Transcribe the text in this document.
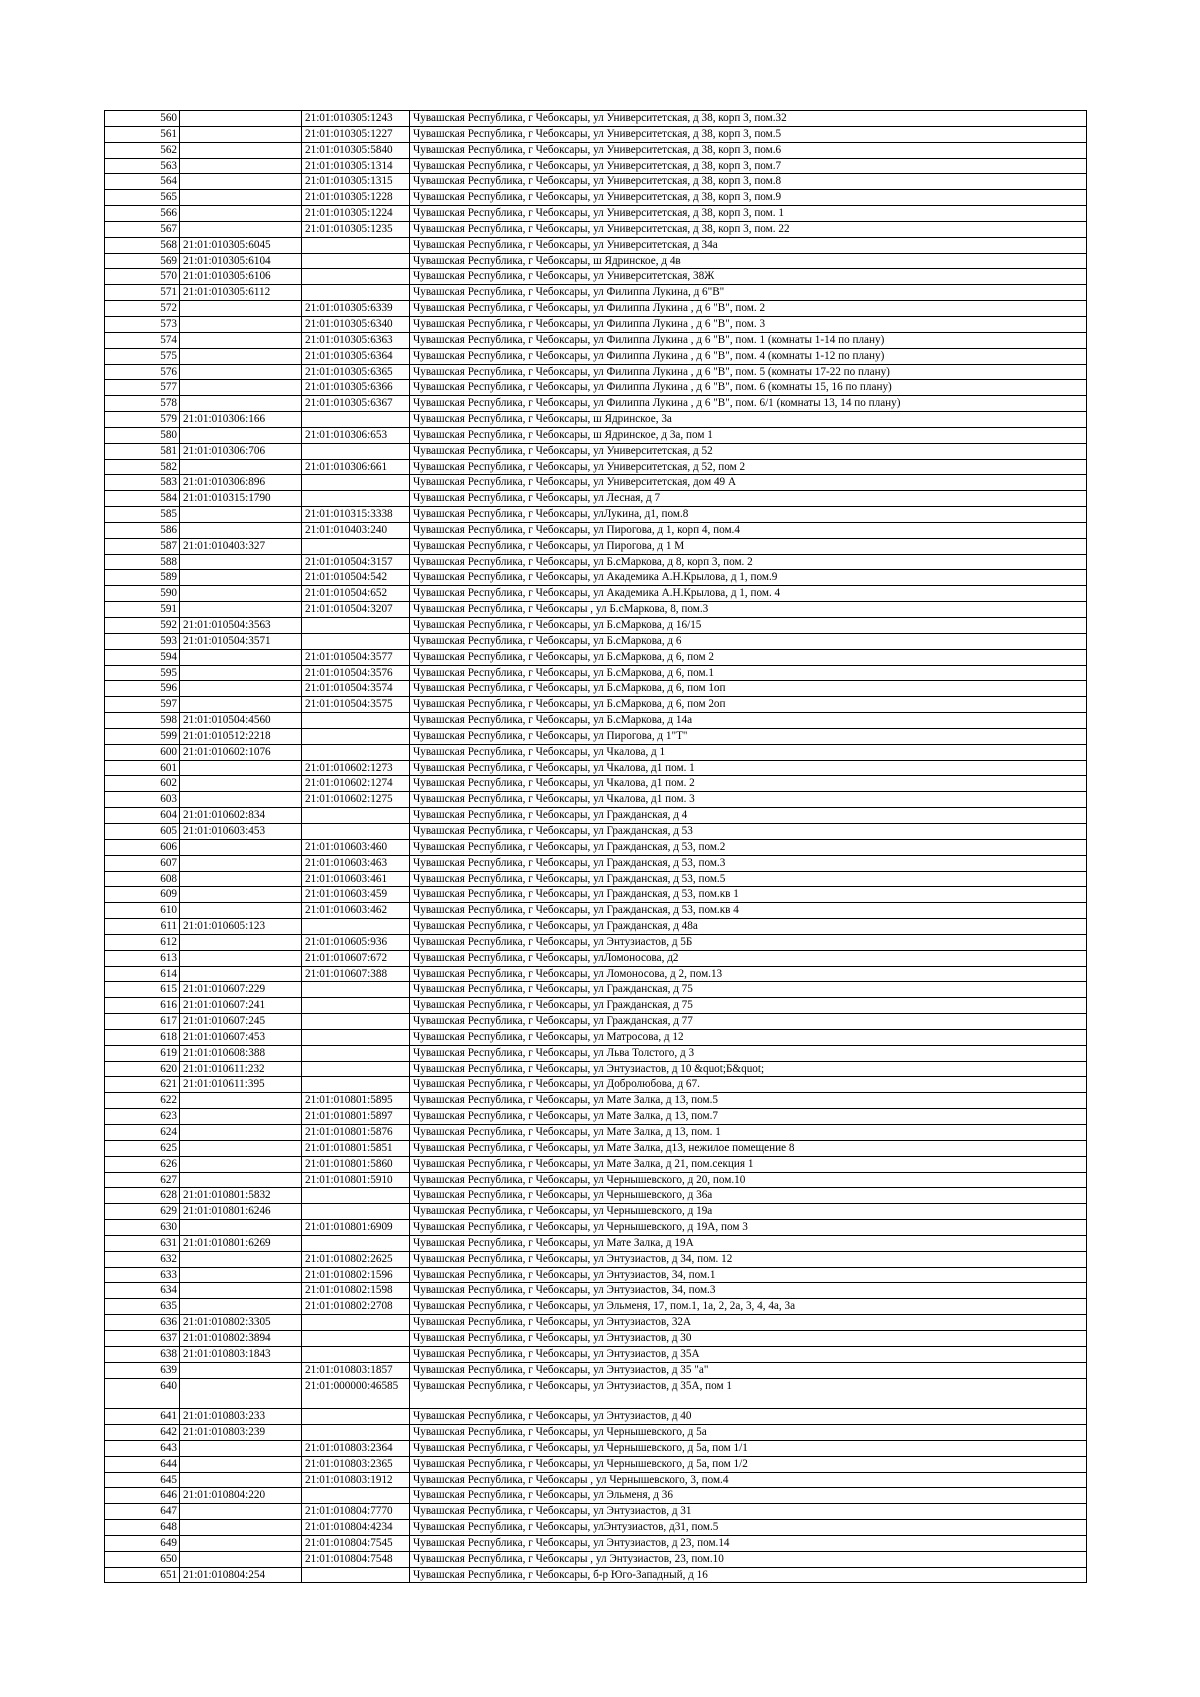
560		21:01:010305:1243	Чувашская Республика, г Чебоксары, ул Университетская, д 38, корп 3, пом.32
561		21:01:010305:1227	Чувашская Республика, г Чебоксары, ул Университетская, д 38, корп 3, пом.5
562		21:01:010305:5840	Чувашская Республика, г Чебоксары, ул Университетская, д 38, корп 3, пом.6
563		21:01:010305:1314	Чувашская Республика, г Чебоксары, ул Университетская, д 38, корп 3, пом.7
564		21:01:010305:1315	Чувашская Республика, г Чебоксары, ул Университетская, д 38, корп 3, пом.8
565		21:01:010305:1228	Чувашская Республика, г Чебоксары, ул Университетская, д 38, корп 3, пом.9
566		21:01:010305:1224	Чувашская Республика, г Чебоксары, ул Университетская, д 38, корп 3, пом. 1
567		21:01:010305:1235	Чувашская Республика, г Чебоксары, ул Университетская, д 38, корп 3, пом. 22
568	21:01:010305:6045		Чувашская Республика, г Чебоксары, ул Университетская, д 34а
569	21:01:010305:6104		Чувашская Республика, г Чебоксары, ш Ядринское, д 4в
570	21:01:010305:6106		Чувашская Республика, г Чебоксары, ул Университетская, 38Ж
571	21:01:010305:6112		Чувашская Республика, г Чебоксары, ул Филиппа Лукина, д 6"В"
572		21:01:010305:6339	Чувашская Республика, г Чебоксары, ул Филиппа Лукина , д 6 "В", пом. 2
573		21:01:010305:6340	Чувашская Республика, г Чебоксары, ул Филиппа Лукина , д 6 "В", пом. 3
574		21:01:010305:6363	Чувашская Республика, г Чебоксары, ул Филиппа Лукина , д 6 "В", пом. 1 (комнаты 1-14 по плану)
575		21:01:010305:6364	Чувашская Республика, г Чебоксары, ул Филиппа Лукина , д 6 "В", пом. 4 (комнаты 1-12 по плану)
576		21:01:010305:6365	Чувашская Республика, г Чебоксары, ул Филиппа Лукина , д 6 "В", пом. 5 (комнаты 17-22 по плану)
577		21:01:010305:6366	Чувашская Республика, г Чебоксары, ул Филиппа Лукина , д 6 "В", пом. 6 (комнаты 15, 16 по плану)
578		21:01:010305:6367	Чувашская Республика, г Чебоксары, ул Филиппа Лукина , д 6 "В", пом. 6/1 (комнаты 13, 14 по плану)
579	21:01:010306:166		Чувашская Республика, г Чебоксары, ш Ядринское, 3а
580		21:01:010306:653	Чувашская Республика, г Чебоксары, ш Ядринское, д 3а, пом 1
581	21:01:010306:706		Чувашская Республика, г Чебоксары, ул Университетская, д 52
582		21:01:010306:661	Чувашская Республика, г Чебоксары, ул Университетская, д 52, пом 2
583	21:01:010306:896		Чувашская Республика, г Чебоксары, ул Университетская, дом 49 А
584	21:01:010315:1790		Чувашская Республика, г Чебоксары, ул Лесная, д 7
585		21:01:010315:3338	Чувашская Республика, г Чебоксары, улЛукина, д1, пом.8
586		21:01:010403:240	Чувашская Республика, г Чебоксары, ул Пирогова, д 1, корп 4, пом.4
587	21:01:010403:327		Чувашская Республика, г Чебоксары, ул Пирогова, д 1 М
588		21:01:010504:3157	Чувашская Республика, г Чебоксары, ул Б.сМаркова, д 8, корп 3, пом. 2
589		21:01:010504:542	Чувашская Республика, г Чебоксары, ул Академика А.Н.Крылова, д 1, пом.9
590		21:01:010504:652	Чувашская Республика, г Чебоксары, ул Академика А.Н.Крылова, д 1, пом. 4
591		21:01:010504:3207	Чувашская Республика, г Чебоксары , ул Б.сМаркова, 8, пом.3
592	21:01:010504:3563		Чувашская Республика, г Чебоксары, ул Б.сМаркова, д 16/15
593	21:01:010504:3571		Чувашская Республика, г Чебоксары, ул Б.сМаркова, д 6
594		21:01:010504:3577	Чувашская Республика, г Чебоксары, ул Б.сМаркова, д 6, пом 2
595		21:01:010504:3576	Чувашская Республика, г Чебоксары, ул Б.сМаркова, д 6, пом.1
596		21:01:010504:3574	Чувашская Республика, г Чебоксары, ул Б.сМаркова, д 6, пом 1оп
597		21:01:010504:3575	Чувашская Республика, г Чебоксары, ул Б.сМаркова, д 6, пом 2оп
598	21:01:010504:4560		Чувашская Республика, г Чебоксары, ул Б.сМаркова, д 14а
599	21:01:010512:2218		Чувашская Республика, г Чебоксары, ул Пирогова, д 1"Т"
600	21:01:010602:1076		Чувашская Республика, г Чебоксары, ул Чкалова, д 1
601		21:01:010602:1273	Чувашская Республика, г Чебоксары, ул Чкалова, д1 пом. 1
602		21:01:010602:1274	Чувашская Республика, г Чебоксары, ул Чкалова, д1 пом. 2
603		21:01:010602:1275	Чувашская Республика, г Чебоксары, ул Чкалова, д1 пом. 3
604	21:01:010602:834		Чувашская Республика, г Чебоксары, ул Гражданская, д 4
605	21:01:010603:453		Чувашская Республика, г Чебоксары, ул Гражданская, д 53
606		21:01:010603:460	Чувашская Республика, г Чебоксары, ул Гражданская, д 53, пом.2
607		21:01:010603:463	Чувашская Республика, г Чебоксары, ул Гражданская, д 53, пом.3
608		21:01:010603:461	Чувашская Республика, г Чебоксары, ул Гражданская, д 53, пом.5
609		21:01:010603:459	Чувашская Республика, г Чебоксары, ул Гражданская, д 53, пом.кв 1
610		21:01:010603:462	Чувашская Республика, г Чебоксары, ул Гражданская, д 53, пом.кв 4
611	21:01:010605:123		Чувашская Республика, г Чебоксары, ул Гражданская, д 48а
612		21:01:010605:936	Чувашская Республика, г Чебоксары, ул Энтузиастов, д 5Б
613		21:01:010607:672	Чувашская Республика, г Чебоксары, улЛомоносова, д2
614		21:01:010607:388	Чувашская Республика, г Чебоксары, ул Ломоносова, д 2, пом.13
615	21:01:010607:229		Чувашская Республика, г Чебоксары, ул Гражданская, д 75
616	21:01:010607:241		Чувашская Республика, г Чебоксары, ул Гражданская, д 75
617	21:01:010607:245		Чувашская Республика, г Чебоксары, ул Гражданская, д 77
618	21:01:010607:453		Чувашская Республика, г Чебоксары, ул Матросова, д 12
619	21:01:010608:388		Чувашская Республика, г Чебоксары, ул Льва Толстого, д 3
620	21:01:010611:232		Чувашская Республика, г Чебоксары, ул Энтузиастов, д 10 &quot;Б&quot;
621	21:01:010611:395		Чувашская Республика, г Чебоксары, ул Добролюбова, д 67.
622		21:01:010801:5895	Чувашская Республика, г Чебоксары, ул Мате Залка, д 13, пом.5
623		21:01:010801:5897	Чувашская Республика, г Чебоксары, ул Мате Залка, д 13, пом.7
624		21:01:010801:5876	Чувашская Республика, г Чебоксары, ул Мате Залка, д 13, пом. 1
625		21:01:010801:5851	Чувашская Республика, г Чебоксары, ул Мате Залка, д13, нежилое помещение 8
626		21:01:010801:5860	Чувашская Республика, г Чебоксары, ул Мате Залка, д 21, пом.секция 1
627		21:01:010801:5910	Чувашская Республика, г Чебоксары, ул Чернышевского, д 20, пом.10
628	21:01:010801:5832		Чувашская Республика, г Чебоксары, ул Чернышевского, д 36а
629	21:01:010801:6246		Чувашская Республика, г Чебоксары, ул Чернышевского, д 19а
630		21:01:010801:6909	Чувашская Республика, г Чебоксары, ул Чернышевского, д 19А, пом 3
631	21:01:010801:6269		Чувашская Республика, г Чебоксары, ул Мате Залка, д 19А
632		21:01:010802:2625	Чувашская Республика, г Чебоксары, ул Энтузиастов, д 34, пом. 12
633		21:01:010802:1596	Чувашская Республика, г Чебоксары, ул Энтузиастов, 34, пом.1
634		21:01:010802:1598	Чувашская Республика, г Чебоксары, ул Энтузиастов, 34, пом.3
635		21:01:010802:2708	Чувашская Республика, г Чебоксары, ул Эльменя, 17, пом.1, 1а, 2, 2а, 3, 4, 4а, 3а
636	21:01:010802:3305		Чувашская Республика, г Чебоксары, ул Энтузиастов, 32А
637	21:01:010802:3894		Чувашская Республика, г Чебоксары, ул Энтузиастов, д 30
638	21:01:010803:1843		Чувашская Республика, г Чебоксары, ул Энтузиастов, д 35А
639		21:01:010803:1857	Чувашская Республика, г Чебоксары, ул Энтузиастов, д 35 "а"
640		21:01:000000:46585	Чувашская Республика, г Чебоксары, ул Энтузиастов, д 35А, пом 1
641	21:01:010803:233		Чувашская Республика, г Чебоксары, ул Энтузиастов, д 40
642	21:01:010803:239		Чувашская Республика, г Чебоксары, ул Чернышевского, д 5а
643		21:01:010803:2364	Чувашская Республика, г Чебоксары, ул Чернышевского, д 5а, пом 1/1
644		21:01:010803:2365	Чувашская Республика, г Чебоксары, ул Чернышевского, д 5а, пом 1/2
645		21:01:010803:1912	Чувашская Республика, г Чебоксары , ул Чернышевского, 3, пом.4
646	21:01:010804:220		Чувашская Республика, г Чебоксары, ул Эльменя, д 36
647		21:01:010804:7770	Чувашская Республика, г Чебоксары, ул Энтузиастов, д 31
648		21:01:010804:4234	Чувашская Республика, г Чебоксары, улЭнтузиастов, д31, пом.5
649		21:01:010804:7545	Чувашская Республика, г Чебоксары, ул Энтузиастов, д 23, пом.14
650		21:01:010804:7548	Чувашская Республика, г Чебоксары , ул Энтузиастов, 23, пом.10
651	21:01:010804:254		Чувашская Республика, г Чебоксары, б-р Юго-Западный, д 16
